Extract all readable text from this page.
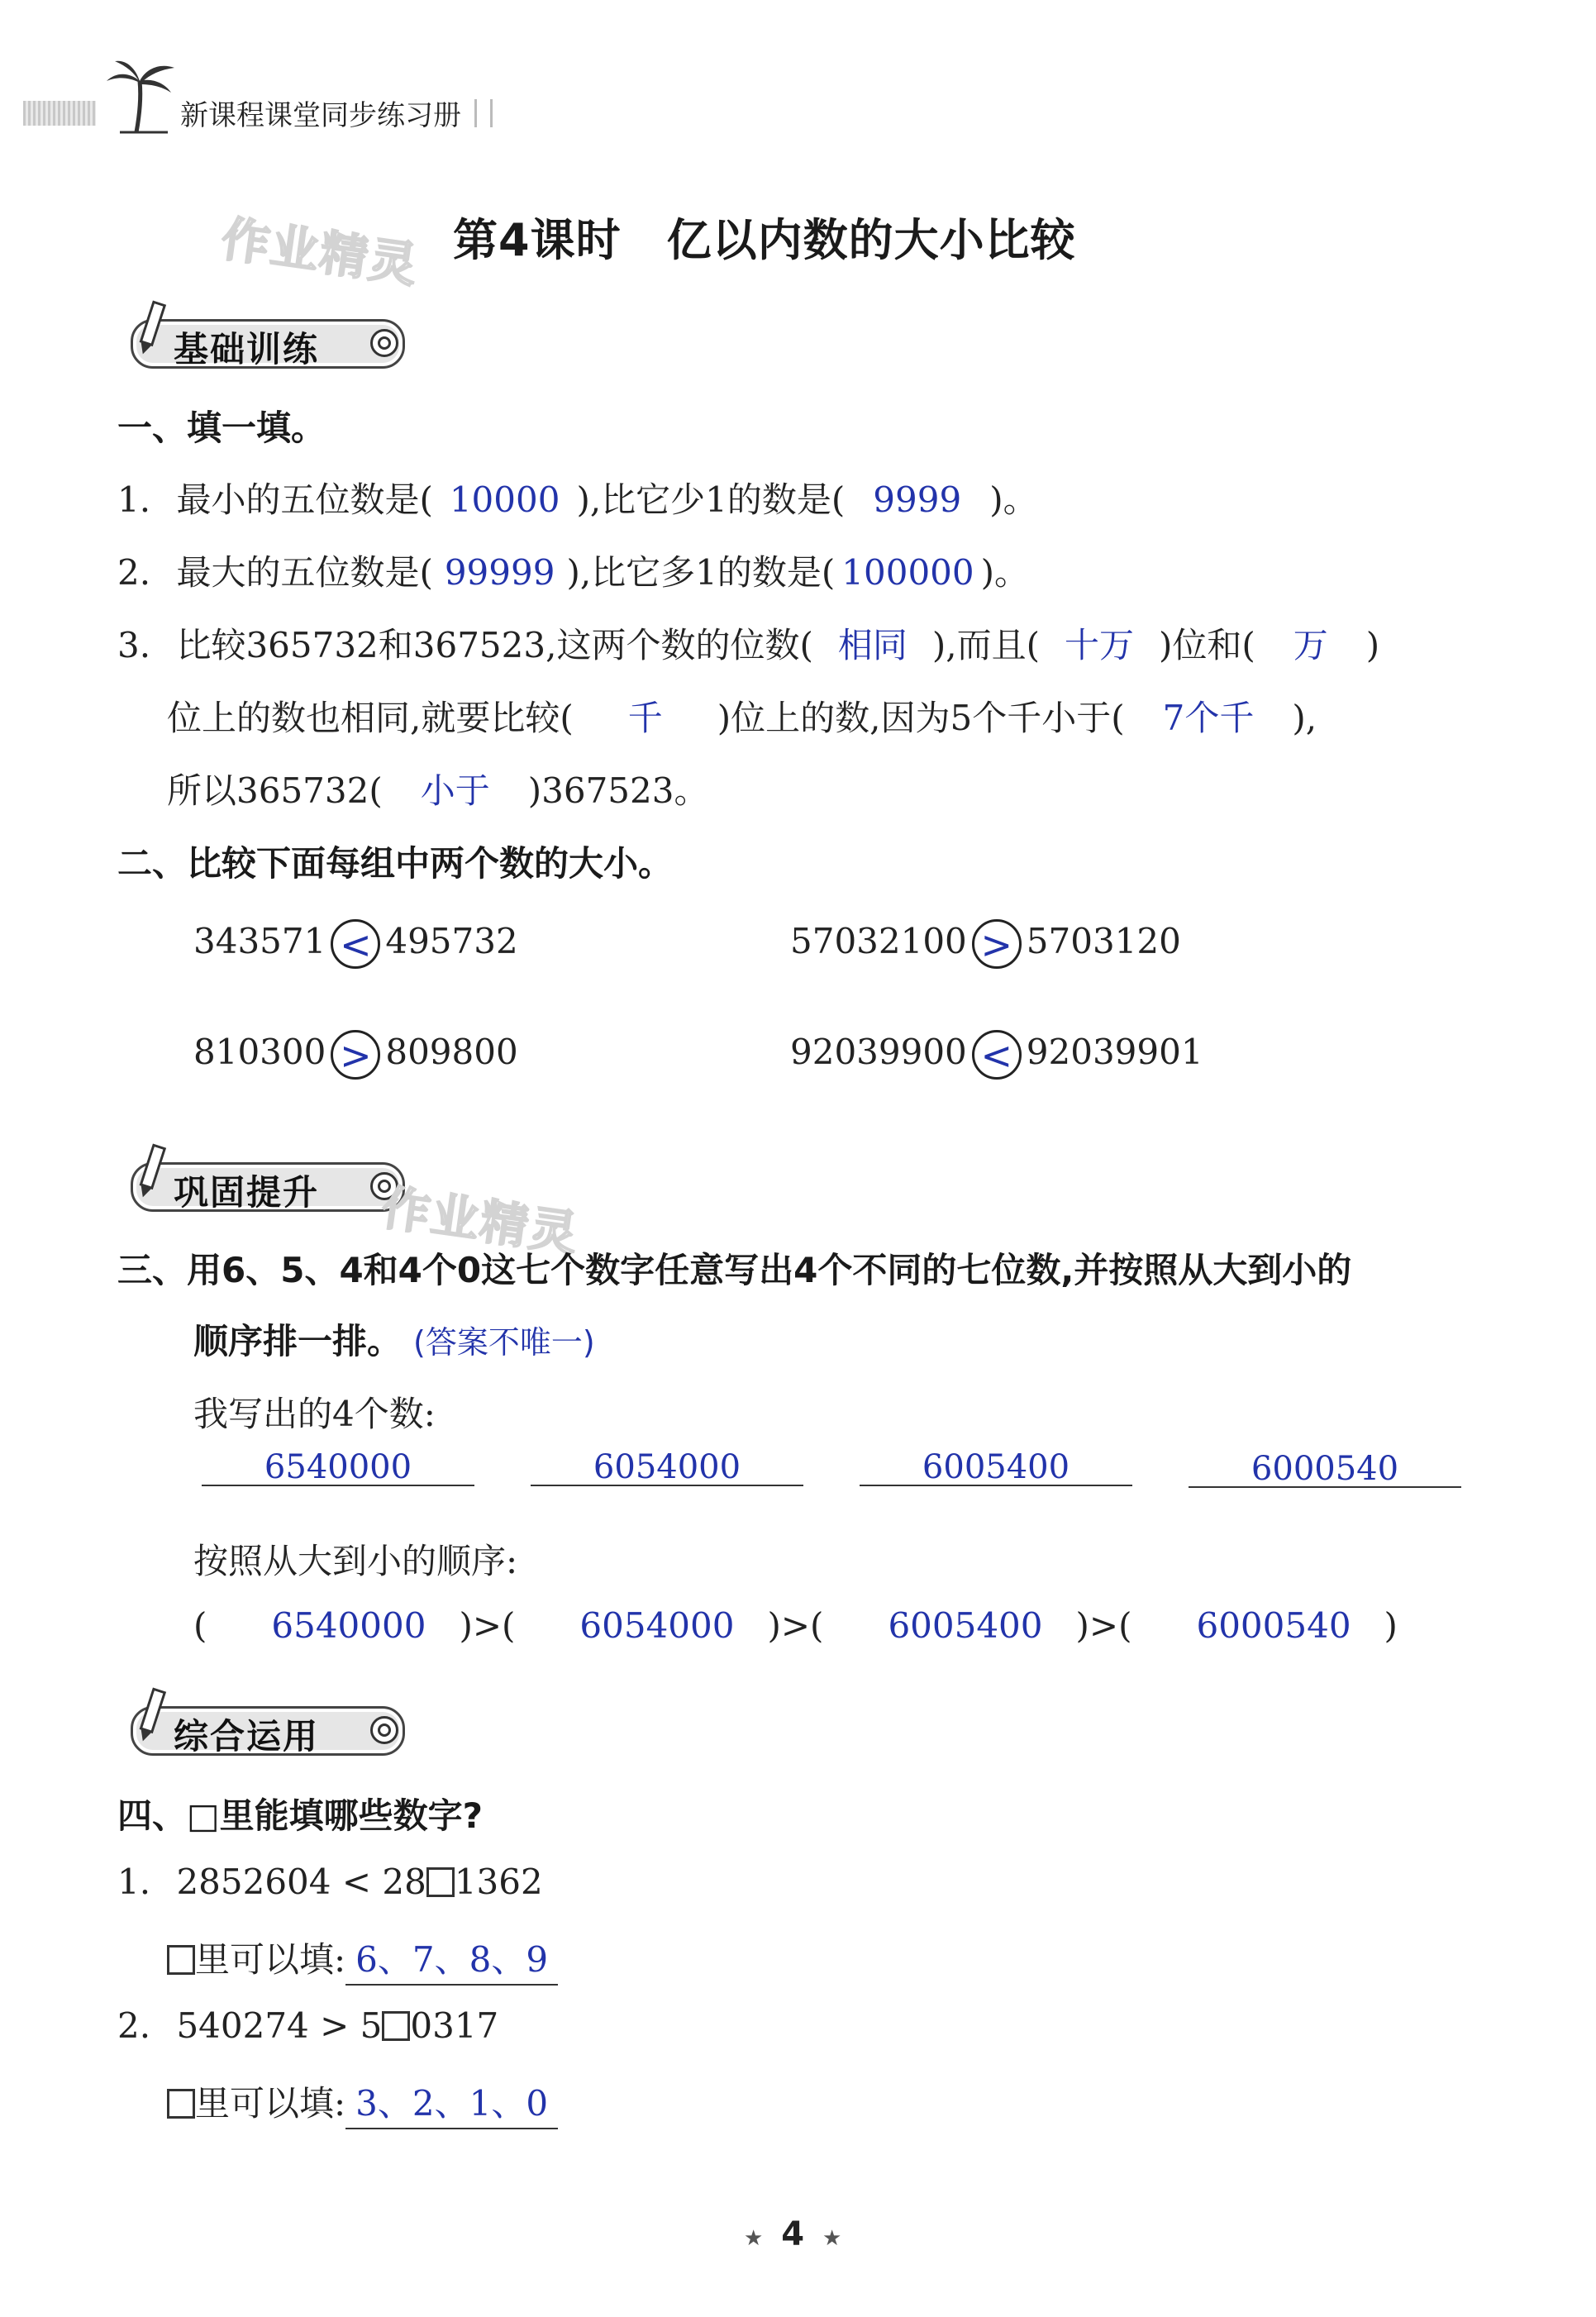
新课程课堂同步练习册
作业精灵 第4课时　亿以内数的大小比较
基础训练
一、填一填。
1. 最小的五位数是( 10000 ),比它少1的数是( 9999 )。
2. 最大的五位数是( 99999 ),比它多1的数是( 100000 )。
3. 比较365732和367523,这两个数的位数( 相同 ),而且( 十万 )位和( 万 )
位上的数也相同,就要比较( 千 )位上的数,因为5个千小于( 7个千 ),
所以365732( 小于 )367523。
二、比较下面每组中两个数的大小。
343571 < 495732	57032100 > 5703120
810300 > 809800	92039900 < 92039901
巩固提升 作业精灵
三、用6、5、4和4个0这七个数字任意写出4个不同的七位数,并按照从大到小的
顺序排一排。 (答案不唯一)
我写出的4个数:
6540000	6054000	6005400	6000540
按照从大到小的顺序:
( 6540000 )>( 6054000 )>( 6005400 )>( 6000540 )
综合运用
四、□里能填哪些数字?
1. 2852604 < 28 1362
里可以填: 6、7、8、9
2. 540274 > 5 0317
里可以填: 3、2、1、0
★ 4 ★
